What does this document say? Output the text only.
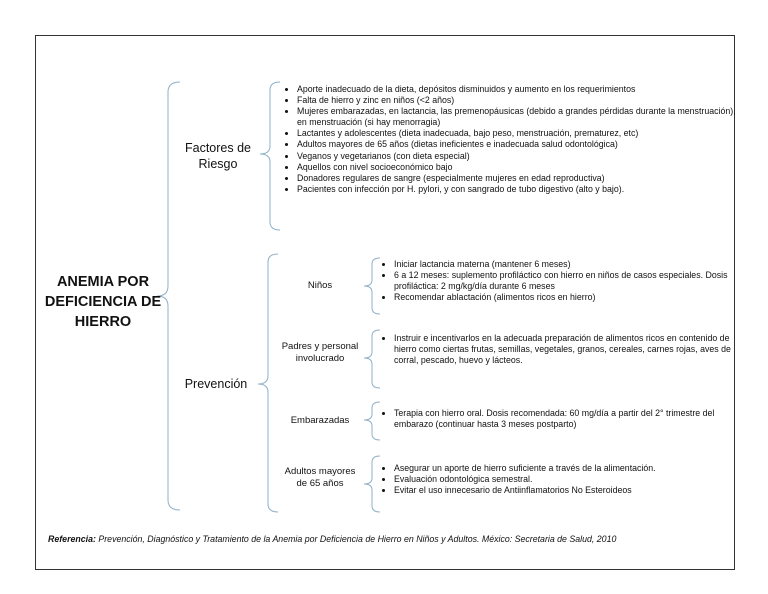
ANEMIA POR DEFICIENCIA DE HIERRO
Factores de Riesgo
Prevención
• Aporte inadecuado de la dieta, depósitos disminuidos y aumento en los requerimientos
• Falta de hierro y zinc en niños (<2 años)
• Mujeres embarazadas, en lactancia, las premenopáusicas (debido a grandes pérdidas durante la menstruación), en menstruación (si hay menorragia)
• Lactantes y adolescentes (dieta inadecuada, bajo peso, menstruación, prematurez, etc)
• Adultos mayores de 65 años (dietas ineficientes e inadecuada salud odontológica)
• Veganos y vegetarianos (con dieta especial)
• Aquellos con nivel socioeconómico bajo
• Donadores regulares de sangre (especialmente mujeres en edad reproductiva)
• Pacientes con infección por H. pylori, y con sangrado de tubo digestivo (alto y bajo).
Niños
• Iniciar lactancia materna (mantener 6 meses)
• 6 a 12 meses: suplemento profiláctico con hierro en niños de casos especiales. Dosis profiláctica: 2 mg/kg/día durante 6 meses
• Recomendar ablactación (alimentos ricos en hierro)
Padres y personal involucrado
• Instruir e incentivarlos en la adecuada preparación de alimentos ricos en contenido de hierro como ciertas frutas, semillas, vegetales, granos, cereales, carnes rojas, aves de corral, pescado, huevo y lácteos.
Embarazadas
• Terapia con hierro oral. Dosis recomendada: 60 mg/día a partir del 2° trimestre del embarazo (continuar hasta 3 meses postparto)
Adultos mayores de 65 años
• Asegurar un aporte de hierro suficiente a través de la alimentación.
• Evaluación odontológica semestral.
• Evitar el uso innecesario de Antiinflamatorios No Esteroideos
Referencia: Prevención, Diagnóstico y Tratamiento de la Anemia por Deficiencia de Hierro en Niños y Adultos. México: Secretaria de Salud, 2010
